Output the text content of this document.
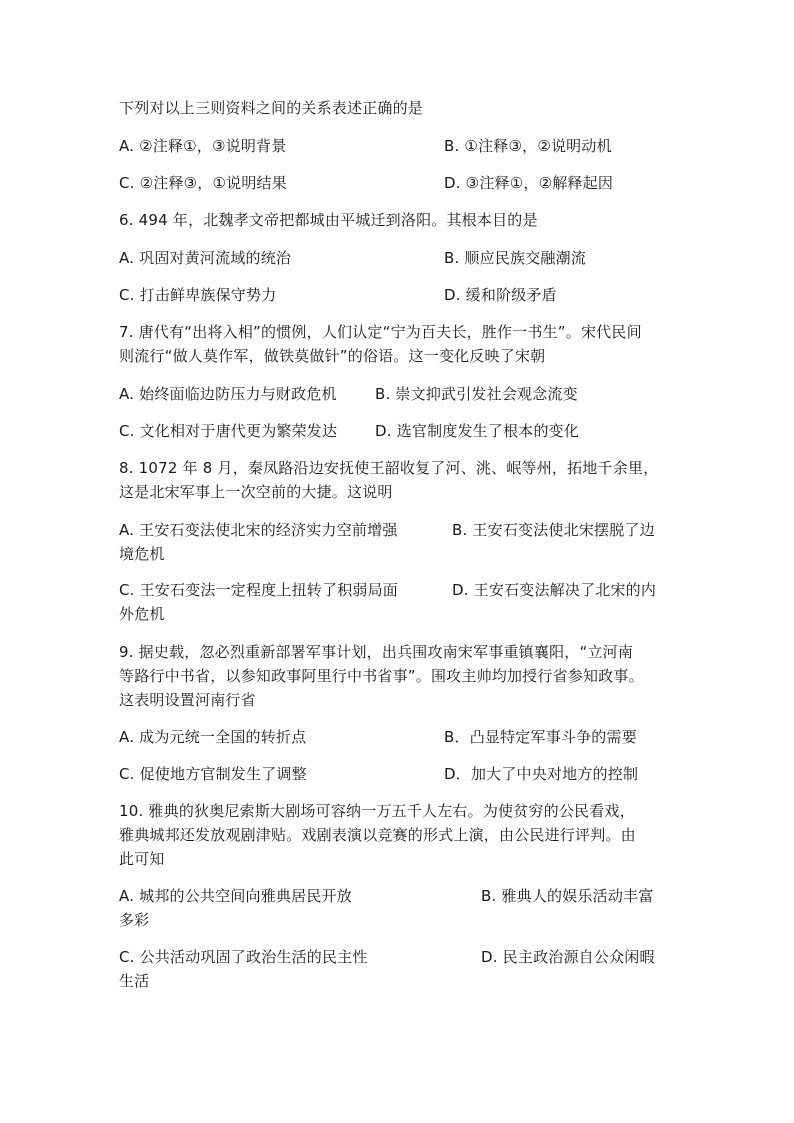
下列对以上三则资料之间的关系表述正确的是
A. ②注释①，③说明背景	B. ①注释③，②说明动机
C. ②注释③，①说明结果	D. ③注释①，②解释起因
6. 494 年，北魏孝文帝把都城由平城迁到洛阳。其根本目的是
A. 巩固对黄河流域的统治	B. 顺应民族交融潮流
C. 打击鲜卑族保守势力	D. 缓和阶级矛盾
7. 唐代有“出将入相”的惯例，人们认定“宁为百夫长，胜作一书生”。宋代民间
则流行“做人莫作军，做铁莫做针”的俗语。这一变化反映了宋朝
A. 始终面临边防压力与财政危机	B. 崇文抑武引发社会观念流变
C. 文化相对于唐代更为繁荣发达	D. 选官制度发生了根本的变化
8. 1072 年 8 月，秦凤路沿边安抚使王韶收复了河、洮、岷等州，拓地千余里，
这是北宋军事上一次空前的大捷。这说明
A. 王安石变法使北宋的经济实力空前增强	B. 王安石变法使北宋摆脱了边
境危机
C. 王安石变法一定程度上扭转了积弱局面	D. 王安石变法解决了北宋的内
外危机
9. 据史载，忽必烈重新部署军事计划，出兵围攻南宋军事重镇襄阳，“立河南
等路行中书省，以参知政事阿里行中书省事”。围攻主帅均加授行省参知政事。
这表明设置河南行省
A. 成为元统一全国的转折点	B．凸显特定军事斗争的需要
C. 促使地方官制发生了调整	D．加大了中央对地方的控制
10. 雅典的狄奥尼索斯大剧场可容纳一万五千人左右。为使贫穷的公民看戏，
雅典城邦还发放观剧津贴。戏剧表演以竞赛的形式上演，由公民进行评判。由
此可知
A. 城邦的公共空间向雅典居民开放	B. 雅典人的娱乐活动丰富
多彩
C. 公共活动巩固了政治生活的民主性	D. 民主政治源自公众闲暇
生活
